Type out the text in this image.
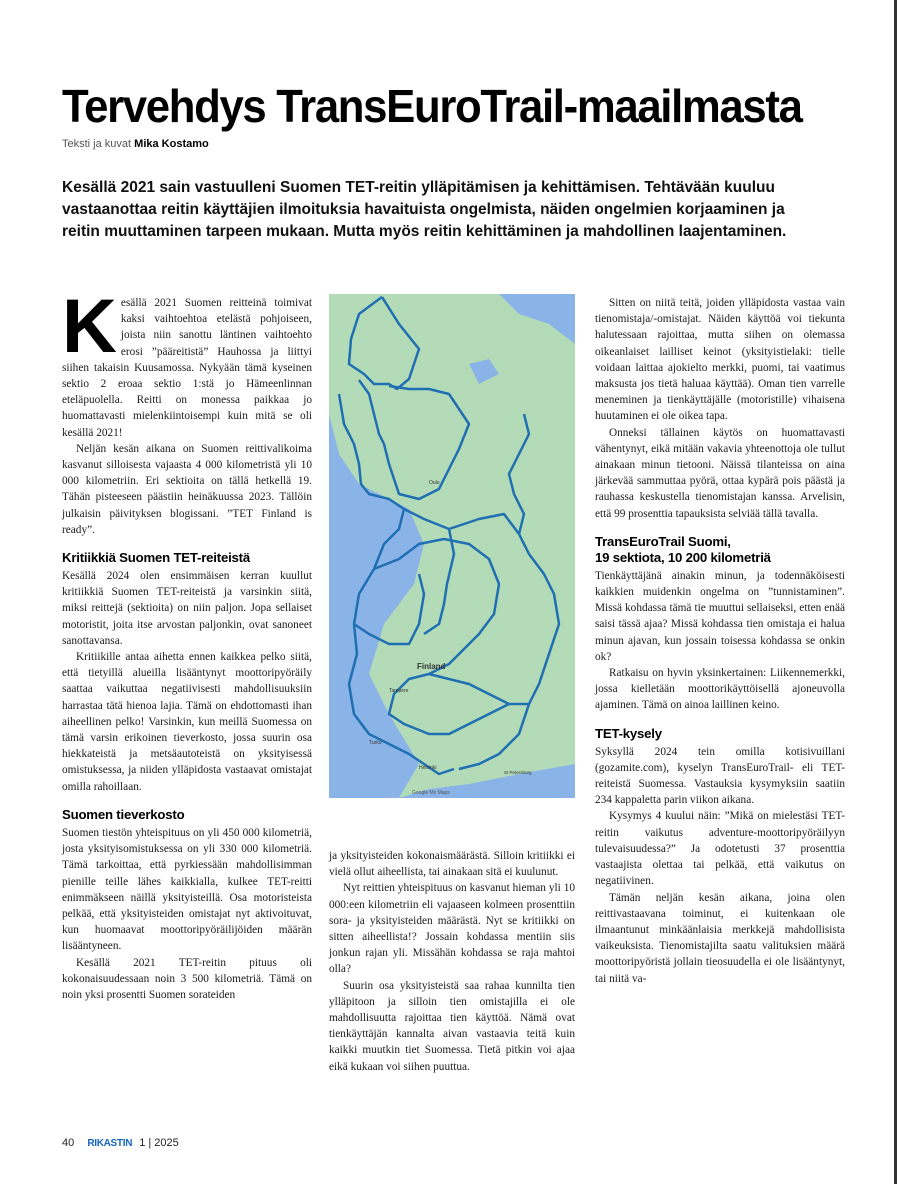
Tervehdys TransEuroTrail-maailmasta
Teksti ja kuvat Mika Kostamo
Kesällä 2021 sain vastuulleni Suomen TET-reitin ylläpitämisen ja kehittämisen. Tehtävään kuuluu vastaanottaa reitin käyttäjien ilmoituksia havaituista ongelmista, näiden ongelmien korjaaminen ja reitin muuttaminen tarpeen mukaan. Mutta myös reitin kehittäminen ja mahdollinen laajentaminen.

Kesällä 2021 Suomen reitteinä toimivat kaksi vaihtoehtoa etelästä pohjoiseen, joista niin sanottu läntinen vaihtoehto erosi ”pääreitistä” Hauhossa ja liittyi siihen takaisin Kuusamossa. Nykyään tämä kyseinen sektio 2 eroaa sektio 1:stä jo Hämeenlinnan eteläpuolella. Reitti on monessa paikkaa jo huomattavasti mielenkiintoisempi kuin mitä se oli kesällä 2021!

Neljän kesän aikana on Suomen reittivalikoima kasvanut silloisesta vajaasta 4 000 kilometristä yli 10 000 kilometriin. Eri sektioita on tällä hetkellä 19. Tähän pisteeseen päästiin heinäkuussa 2023. Tällöin julkaisin päivityksen blogissani. ”TET Finland is ready”.

Kritiikkiä Suomen TET-reiteistä

Kesällä 2024 olen ensimmäisen kerran kuullut kritiikkiä Suomen TET-reiteistä ja varsinkin siitä, miksi reittejä (sektioita) on niin paljon. Jopa sellaiset motoristit, joita itse arvostan paljonkin, ovat sanoneet sanottavansa.

Kritiikille antaa aihetta ennen kaikkea pelko siitä, että tietyillä alueilla lisääntynyt moottoripyöräily saattaa vaikuttaa negatiivisesti mahdollisuuksiin harrastaa tätä hienoa lajia. Tämä on ehdottomasti ihan aiheellinen pelko! Varsinkin, kun meillä Suomessa on tämä varsin erikoinen tieverkosto, jossa suurin osa hiekkateistä ja metsäautoteistä on yksityisessä omistuksessa, ja niiden ylläpidosta vastaavat omistajat omilla rahoillaan.

Suomen tieverkosto

Suomen tiestön yhteispituus on yli 450 000 kilometriä, josta yksityisomistuksessa on yli 330 000 kilometriä. Tämä tarkoittaa, että pyrkiessään mahdollisimman pienille teille lähes kaikkialla, kulkee TET-reitti enimmäkseen näillä yksityisteillä. Osa motoristeista pelkää, että yksityisteiden omistajat nyt aktivoituvat, kun huomaavat moottoripyöräilijöiden määrän lisääntyneen.

Kesällä 2021 TET-reitin pituus oli kokonaisuudessaan noin 3 500 kilometriä. Tämä on noin yksi prosentti Suomen sorateiden

Finland
Oulu
Tampere
Turku
Helsinki
St Petersburg
Google My Maps

ja yksityisteiden kokonaismäärästä. Silloin kritiikki ei vielä ollut aiheellista, tai ainakaan sitä ei kuulunut.

Nyt reittien yhteispituus on kasvanut hieman yli 10 000:een kilometriin eli vajaaseen kolmeen prosenttiin sora- ja yksityisteiden määrästä. Nyt se kritiikki on sitten aiheellista!? Jossain kohdassa mentiin siis jonkun rajan yli. Missähän kohdassa se raja mahtoi olla?

Suurin osa yksityisteistä saa rahaa kunnilta tien ylläpitoon ja silloin tien omistajilla ei ole mahdollisuutta rajoittaa tien käyttöä. Nämä ovat tienkäyttäjän kannalta aivan vastaavia teitä kuin kaikki muutkin tiet Suomessa. Tietä pitkin voi ajaa eikä kukaan voi siihen puuttua.

Sitten on niitä teitä, joiden ylläpidosta vastaa vain tienomistaja/-omistajat. Näiden käyttöä voi tiekunta halutessaan rajoittaa, mutta siihen on olemassa oikeanlaiset lailliset keinot (yksityistielaki: tielle voidaan laittaa ajokielto merkki, puomi, tai vaatimus maksusta jos tietä haluaa käyttää). Oman tien varrelle meneminen ja tienkäyttäjälle (motoristille) vihaisena huutaminen ei ole oikea tapa.

Onneksi tällainen käytös on huomattavasti vähentynyt, eikä mitään vakavia yhteenottoja ole tullut ainakaan minun tietooni. Näissä tilanteissa on aina järkevää sammuttaa pyörä, ottaa kypärä pois päästä ja rauhassa keskustella tienomistajan kanssa. Arvelisin, että 99 prosenttia tapauksista selviää tällä tavalla.

TransEuroTrail Suomi,
19 sektiota, 10 200 kilometriä

Tienkäyttäjänä ainakin minun, ja todennäköisesti kaikkien muidenkin ongelma on ”tunnistaminen”. Missä kohdassa tämä tie muuttui sellaiseksi, etten enää saisi tässä ajaa? Missä kohdassa tien omistaja ei halua minun ajavan, kun jossain toisessa kohdassa se onkin ok?

Ratkaisu on hyvin yksinkertainen: Liikennemerkki, jossa kielletään moottorikäyttöisellä ajoneuvolla ajaminen. Tämä on ainoa laillinen keino.

TET-kysely

Syksyllä 2024 tein omilla kotisivuillani (gozamite.com), kyselyn TransEuroTrail- eli TET-reiteistä Suomessa. Vastauksia kysymyksiin saatiin 234 kappaletta parin viikon aikana.

Kysymys 4 kuului näin: ”Mikä on mielestäsi TET- reitin vaikutus adventure-moottoripyöräilyyn tulevaisuudessa?” Ja odotetusti 37 prosenttia vastaajista olettaa tai pelkää, että vaikutus on negatiivinen.

Tämän neljän kesän aikana, joina olen reittivastaavana toiminut, ei kuitenkaan ole ilmaantunut minkäänlaisia merkkejä mahdollisista vaikeuksista. Tienomistajilta saatu valituksien määrä moottoripyöristä jollain tieosuudella ei ole lisääntynyt, tai niitä va-

40 RIKASTIN 1 | 2025
